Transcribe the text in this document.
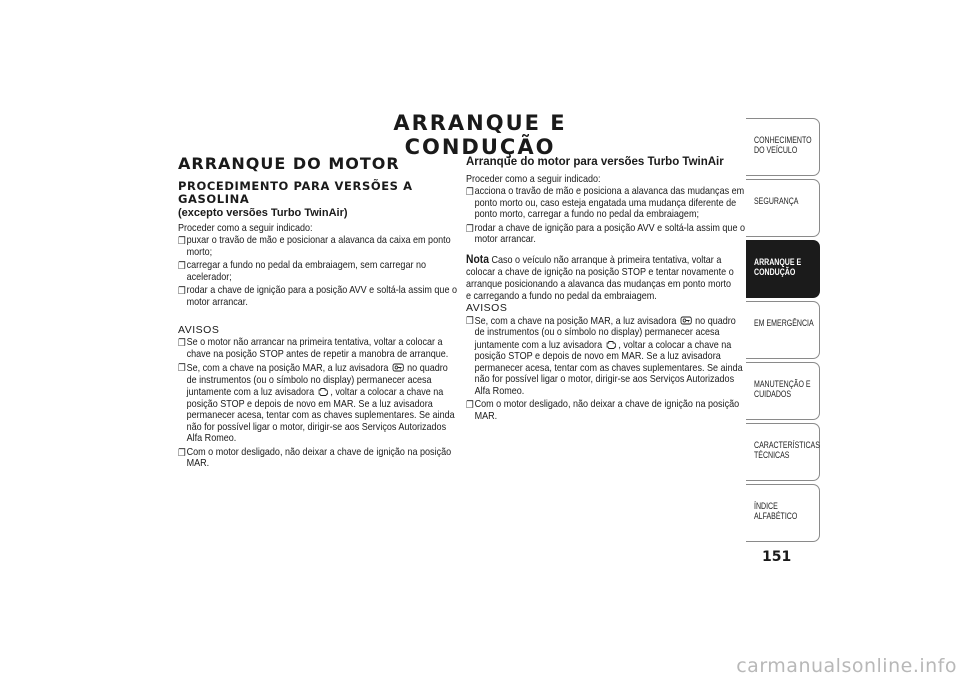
ARRANQUE E CONDUÇÃO
ARRANQUE DO MOTOR
PROCEDIMENTO PARA VERSÕES A GASOLINA
(excepto versões Turbo TwinAir)

Proceder como a seguir indicado:

❐ puxar o travão de mão e posicionar a alavanca da caixa em ponto morto;
❐ carregar a fundo no pedal da embraiagem, sem carregar no acelerador;
❐ rodar a chave de ignição para a posição AVV e soltá-la assim que o motor arrancar.

AVISOS

❐ Se o motor não arrancar na primeira tentativa, voltar a colocar a chave na posição STOP antes de repetir a manobra de arranque.
❐ Se, com a chave na posição MAR, a luz avisadora no quadro de instrumentos (ou o símbolo no display) permanecer acesa juntamente com a luz avisadora , voltar a colocar a chave na posição STOP e depois de novo em MAR. Se a luz avisadora permanecer acesa, tentar com as chaves suplementares. Se ainda não for possível ligar o motor, dirigir-se aos Serviços Autorizados Alfa Romeo.
❐ Com o motor desligado, não deixar a chave de ignição na posição MAR.
Arranque do motor para versões Turbo TwinAir

Proceder como a seguir indicado:

❐ acciona o travão de mão e posiciona a alavanca das mudanças em ponto morto ou, caso esteja engatada uma mudança diferente de ponto morto, carregar a fundo no pedal da embraiagem;
❐ rodar a chave de ignição para a posição AVV e soltá-la assim que o motor arrancar.

Nota Caso o veículo não arranque à primeira tentativa, voltar a colocar a chave de ignição na posição STOP e tentar novamente o arranque posicionando a alavanca das mudanças em ponto morto e carregando a fundo no pedal da embraiagem.

AVISOS

❐ Se, com a chave na posição MAR, a luz avisadora no quadro de instrumentos (ou o símbolo no display) permanecer acesa juntamente com a luz avisadora , voltar a colocar a chave na posição STOP e depois de novo em MAR. Se a luz avisadora permanecer acesa, tentar com as chaves suplementares. Se ainda não for possível ligar o motor, dirigir-se aos Serviços Autorizados Alfa Romeo.
❐ Com o motor desligado, não deixar a chave de ignição na posição MAR.
CONHECIMENTO DO VEÍCULO
SEGURANÇA
ARRANQUE E CONDUÇÃO
EM EMERGÊNCIA
MANUTENÇÃO E CUIDADOS
CARACTERÍSTICAS TÉCNICAS
ÍNDICE ALFABÉTICO
151
carmanualsonline.info
